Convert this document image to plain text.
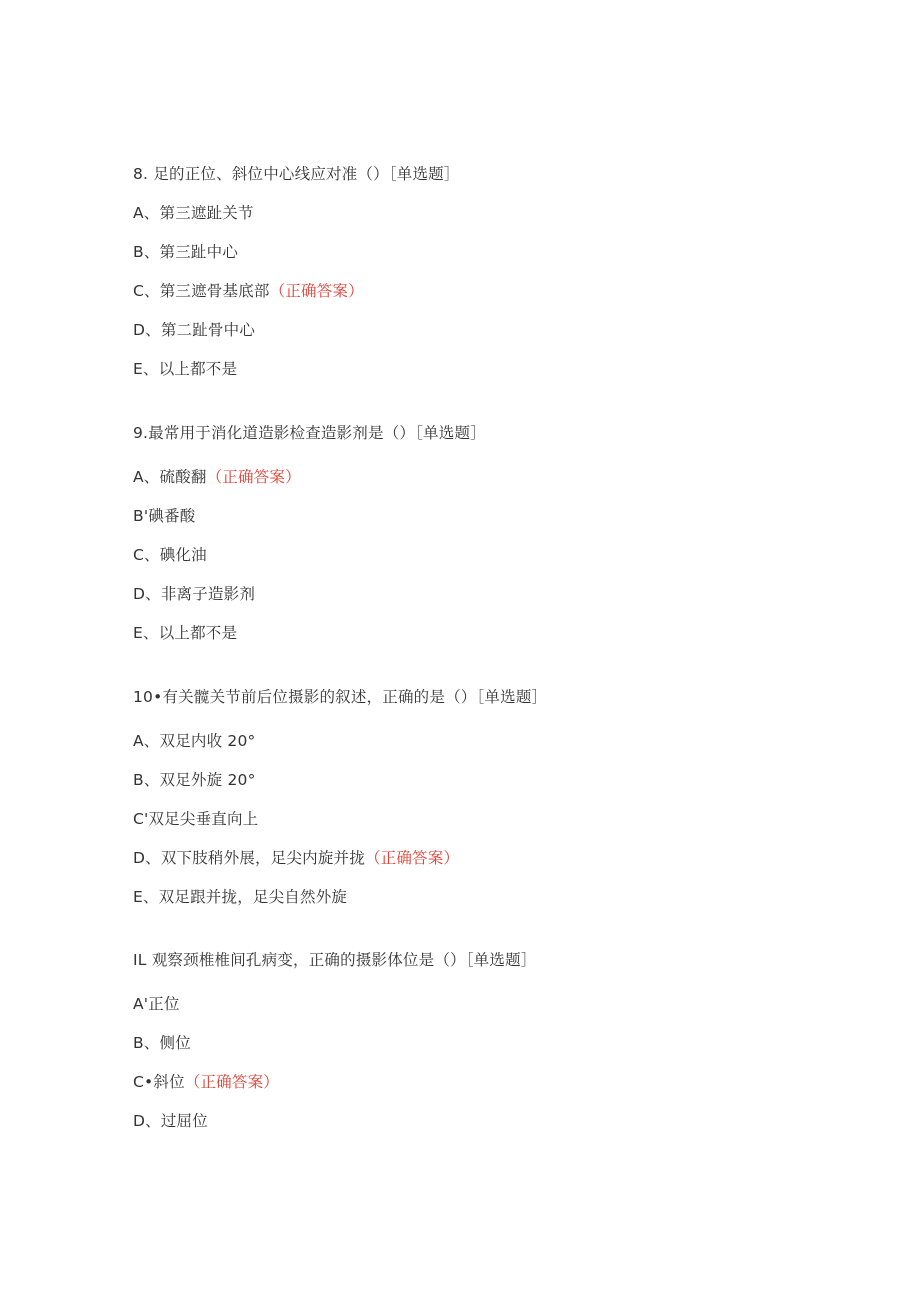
8. 足的正位、斜位中心线应对准（）［单选题］
A、第三遮趾关节
B、第三趾中心
C、第三遮骨基底部（正确答案）
D、第二趾骨中心
E、以上都不是
9.最常用于消化道造影检查造影剂是（）［单选题］
A、硫酸翻（正确答案）
B'碘番酸
C、碘化油
D、非离子造影剂
E、以上都不是
10•有关髋关节前后位摄影的叙述，正确的是（）［单选题］
A、双足内收 20°
B、双足外旋 20°
C'双足尖垂直向上
D、双下肢稍外展，足尖内旋并拢（正确答案）
E、双足跟并拢，足尖自然外旋
IL 观察颈椎椎间孔病变，正确的摄影体位是（）［单选题］
A'正位
B、侧位
C•斜位（正确答案）
D、过屈位
